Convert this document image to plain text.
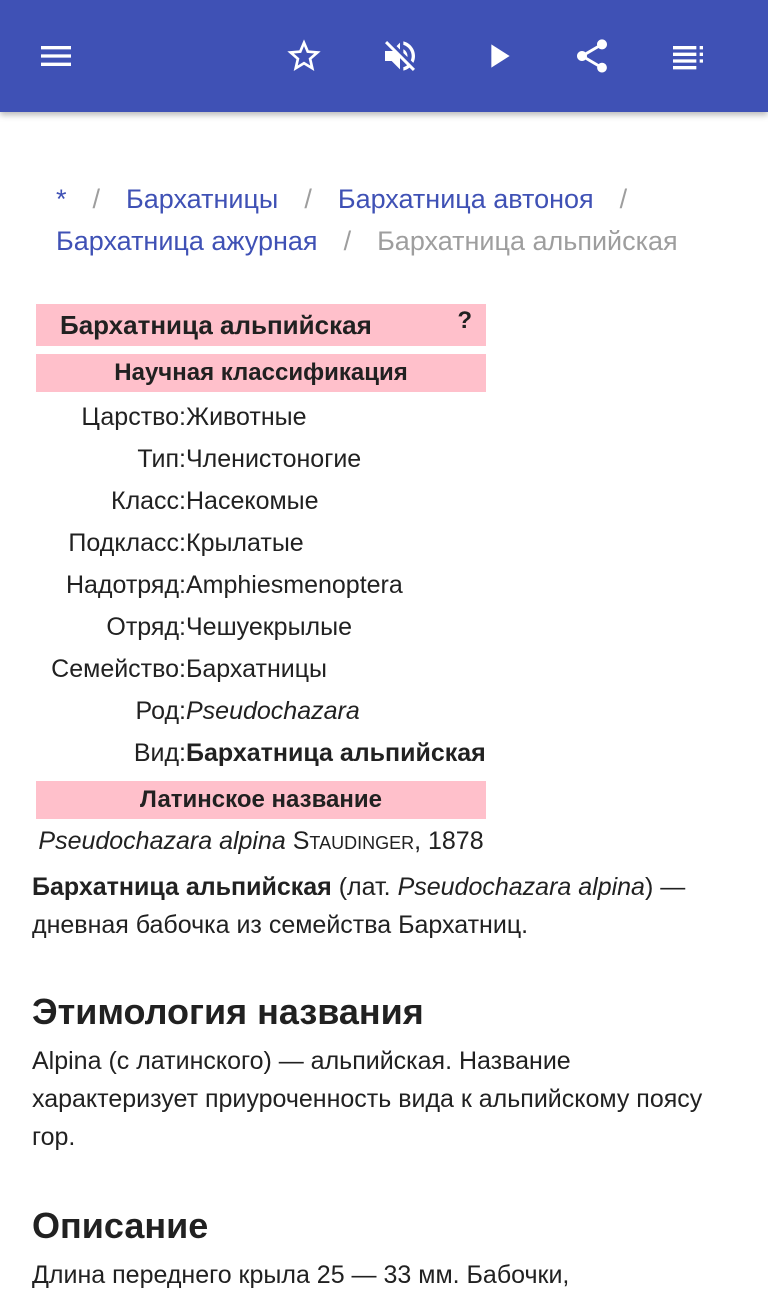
* / Бархатницы / Бархатница автоноя /
Бархатница ажурная / Бархатница альпийская
Бархатница альпийская	?
Научная классификация
Царство: Животные
Тип: Членистоногие
Класс: Насекомые
Подкласс: Крылатые
Надотряд: Amphiesmenoptera
Отряд: Чешуекрылые
Семейство: Бархатницы
Род: Pseudochazara
Вид: Бархатница альпийская
Латинское название
Pseudochazara alpina Staudinger, 1878

Бархатница альпийская (лат. Pseudochazara alpina) — дневная бабочка из семейства Бархатниц.

Этимология названия

Alpina (с латинского) — альпийская. Название характеризует приуроченность вида к альпийскому поясу гор.

Описание

Длина переднего крыла 25 — 33 мм. Бабочки,
